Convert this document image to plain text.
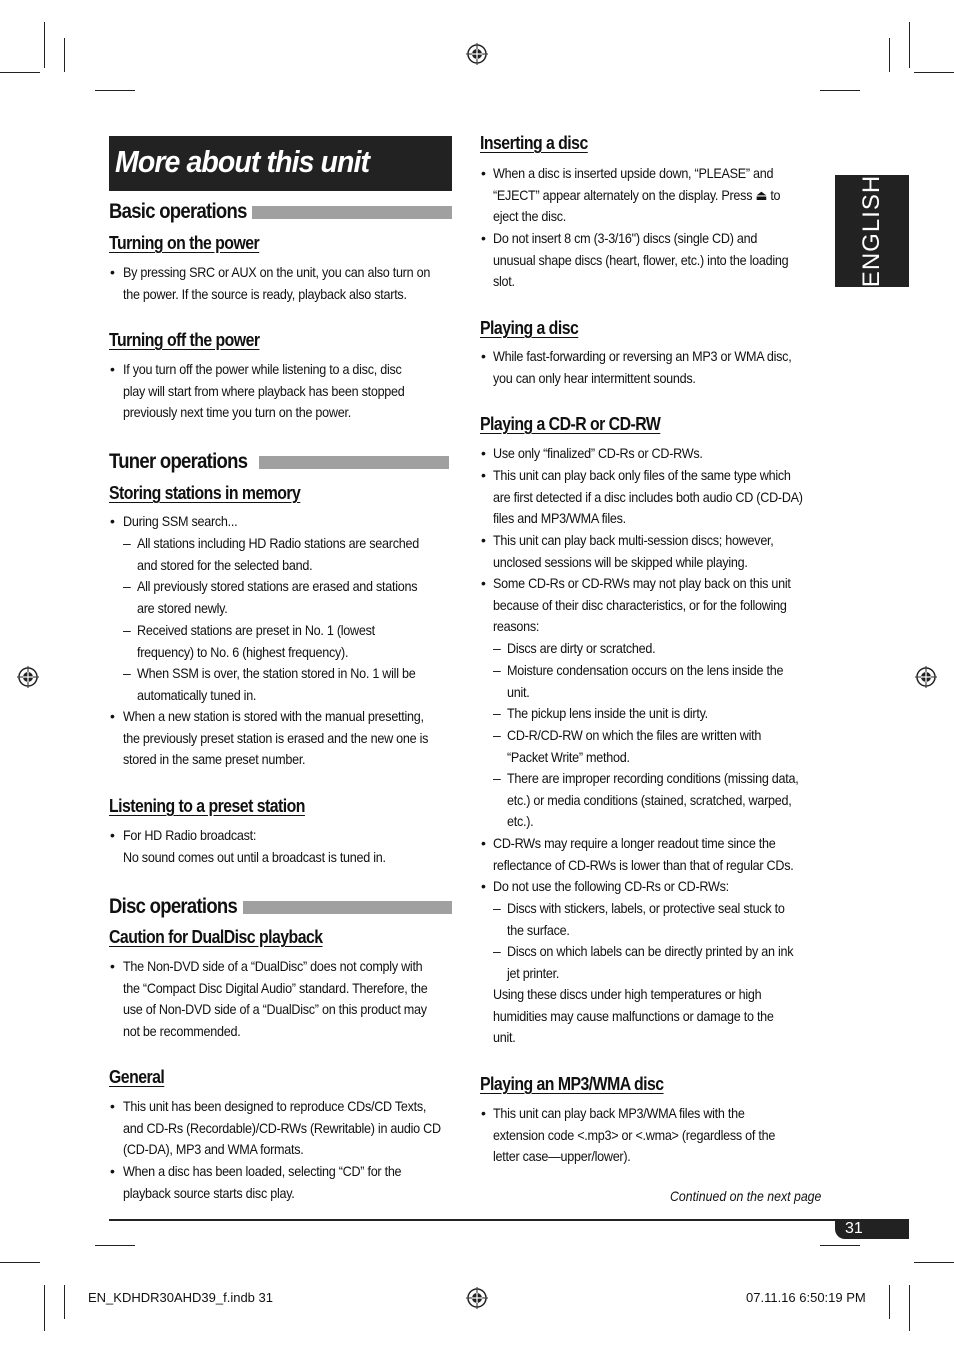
More about this unit
ENGLISH
Basic operations
Turning on the power
• By pressing SRC or AUX on the unit, you can also turn on
the power. If the source is ready, playback also starts.
Turning off the power
• If you turn off the power while listening to a disc, disc
play will start from where playback has been stopped
previously next time you turn on the power.
Tuner operations
Storing stations in memory
• During SSM search...
– All stations including HD Radio stations are searched
and stored for the selected band.
– All previously stored stations are erased and stations
are stored newly.
– Received stations are preset in No. 1 (lowest
frequency) to No. 6 (highest frequency).
– When SSM is over, the station stored in No. 1 will be
automatically tuned in.
• When a new station is stored with the manual presetting,
the previously preset station is erased and the new one is
stored in the same preset number.
Listening to a preset station
• For HD Radio broadcast:
No sound comes out until a broadcast is tuned in.
Disc operations
Caution for DualDisc playback
• The Non-DVD side of a “DualDisc” does not comply with
the “Compact Disc Digital Audio” standard. Therefore, the
use of Non-DVD side of a “DualDisc” on this product may
not be recommended.
General
• This unit has been designed to reproduce CDs/CD Texts,
and CD-Rs (Recordable)/CD-RWs (Rewritable) in audio CD
(CD-DA), MP3 and WMA formats.
• When a disc has been loaded, selecting “CD” for the
playback source starts disc play.
Inserting a disc
• When a disc is inserted upside down, “PLEASE” and
“EJECT” appear alternately on the display. Press ⏏ to
eject the disc.
• Do not insert 8 cm (3-3/16") discs (single CD) and
unusual shape discs (heart, flower, etc.) into the loading
slot.
Playing a disc
• While fast-forwarding or reversing an MP3 or WMA disc,
you can only hear intermittent sounds.
Playing a CD-R or CD-RW
• Use only “finalized” CD-Rs or CD-RWs.
• This unit can play back only files of the same type which
are first detected if a disc includes both audio CD (CD-DA)
files and MP3/WMA files.
• This unit can play back multi-session discs; however,
unclosed sessions will be skipped while playing.
• Some CD-Rs or CD-RWs may not play back on this unit
because of their disc characteristics, or for the following
reasons:
– Discs are dirty or scratched.
– Moisture condensation occurs on the lens inside the
unit.
– The pickup lens inside the unit is dirty.
– CD-R/CD-RW on which the files are written with
“Packet Write” method.
– There are improper recording conditions (missing data,
etc.) or media conditions (stained, scratched, warped,
etc.).
• CD-RWs may require a longer readout time since the
reflectance of CD-RWs is lower than that of regular CDs.
• Do not use the following CD-Rs or CD-RWs:
– Discs with stickers, labels, or protective seal stuck to
the surface.
– Discs on which labels can be directly printed by an ink
jet printer.
Using these discs under high temperatures or high
humidities may cause malfunctions or damage to the
unit.
Playing an MP3/WMA disc
• This unit can play back MP3/WMA files with the
extension code <.mp3> or <.wma> (regardless of the
letter case—upper/lower).
Continued on the next page
31
EN_KDHDR30AHD39_f.indb 31	07.11.16 6:50:19 PM
